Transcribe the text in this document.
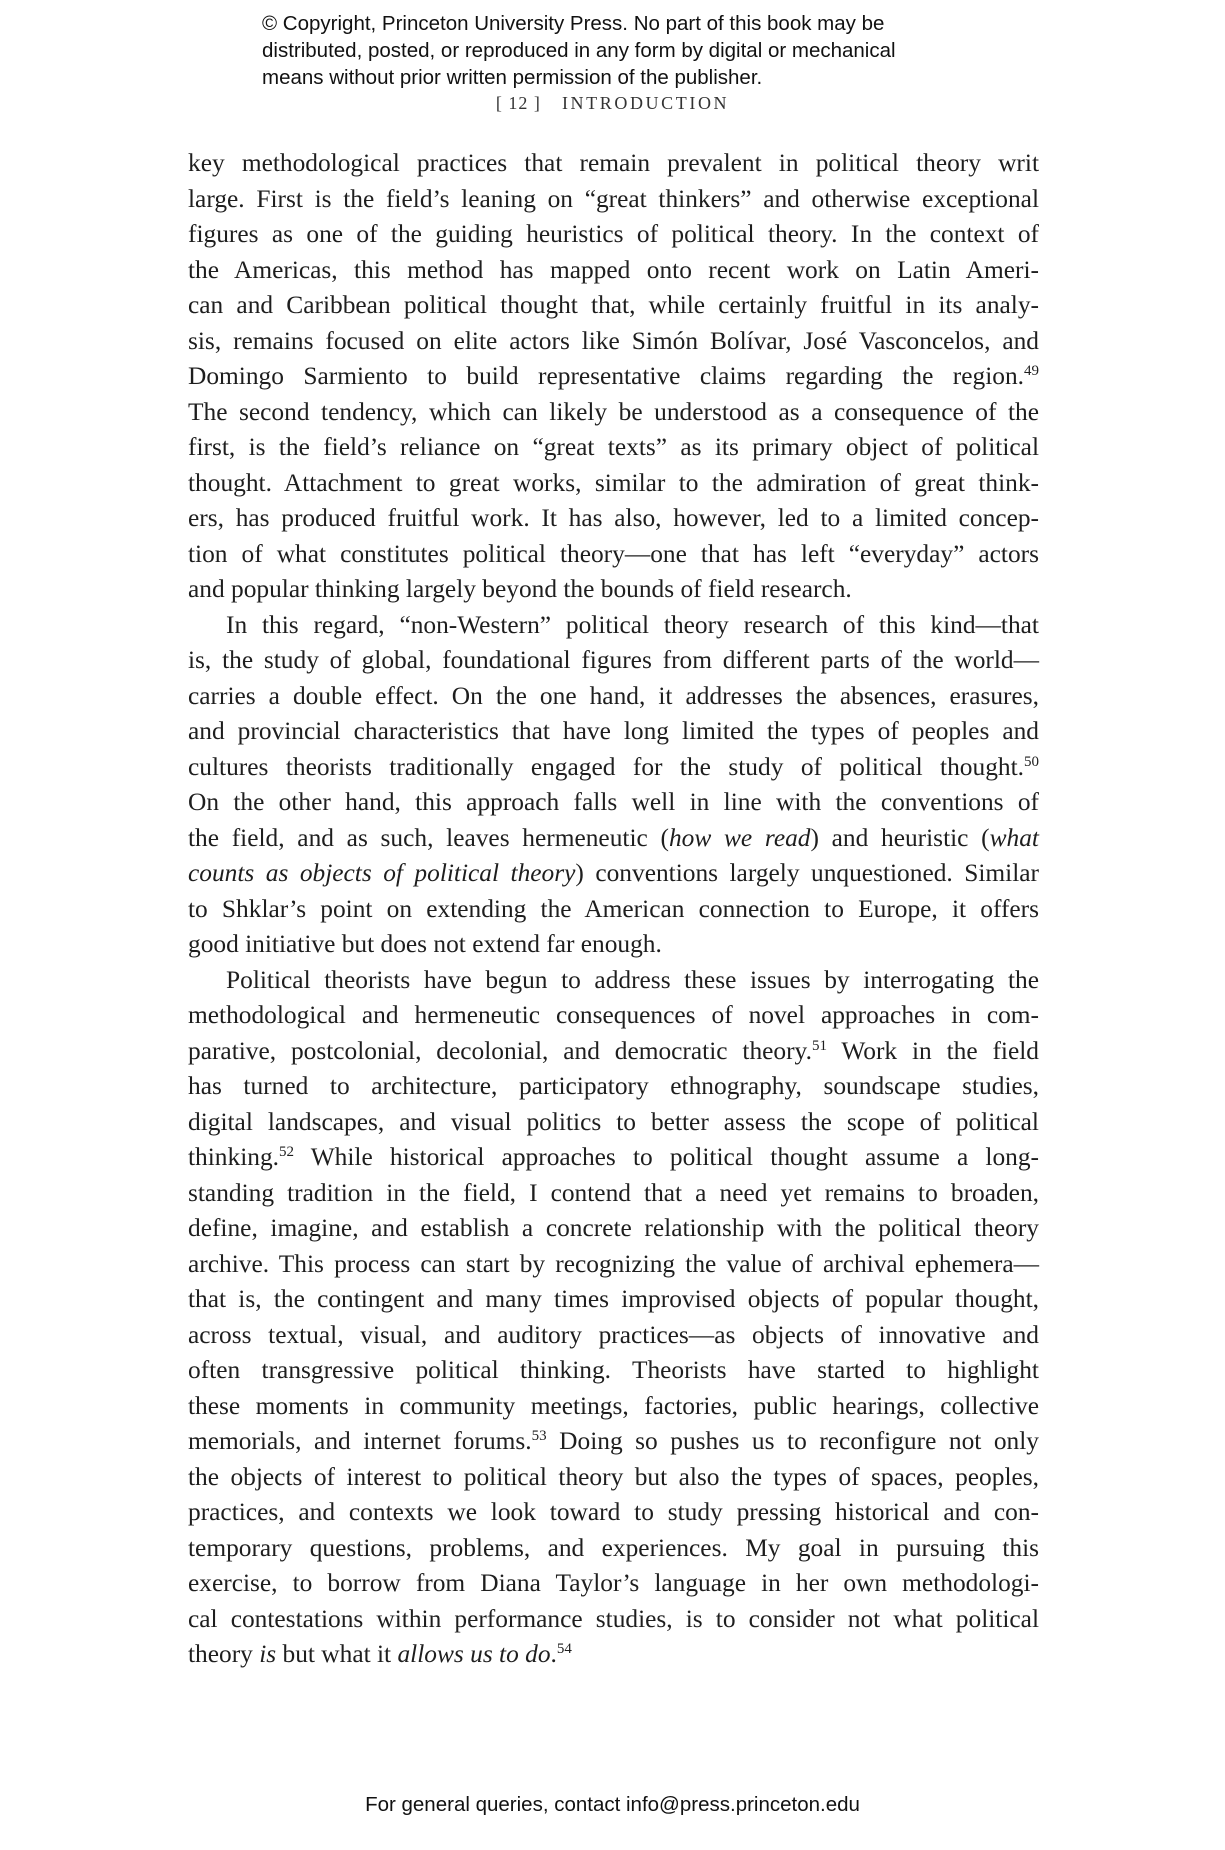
© Copyright, Princeton University Press. No part of this book may be
distributed, posted, or reproduced in any form by digital or mechanical
means without prior written permission of the publisher.
[ 12 ] INTRODUCTION
key methodological practices that remain prevalent in political theory writ
large. First is the field’s leaning on “great thinkers” and otherwise exceptional
figures as one of the guiding heuristics of political theory. In the context of
the Americas, this method has mapped onto recent work on Latin Ameri-
can and Caribbean political thought that, while certainly fruitful in its analy-
sis, remains focused on elite actors like Simón Bolívar, José Vasconcelos, and
Domingo Sarmiento to build representative claims regarding the region.$^{49}$
The second tendency, which can likely be understood as a consequence of the
first, is the field’s reliance on “great texts” as its primary object of political
thought. Attachment to great works, similar to the admiration of great think-
ers, has produced fruitful work. It has also, however, led to a limited concep-
tion of what constitutes political theory—one that has left “everyday” actors
and popular thinking largely beyond the bounds of field research.
In this regard, “non-Western” political theory research of this kind—that
is, the study of global, foundational figures from different parts of the world—
carries a double effect. On the one hand, it addresses the absences, erasures,
and provincial characteristics that have long limited the types of peoples and
cultures theorists traditionally engaged for the study of political thought.$^{50}$
On the other hand, this approach falls well in line with the conventions of
the field, and as such, leaves hermeneutic (how we read) and heuristic (what
counts as objects of political theory) conventions largely unquestioned. Similar
to Shklar’s point on extending the American connection to Europe, it offers
good initiative but does not extend far enough.
Political theorists have begun to address these issues by interrogating the
methodological and hermeneutic consequences of novel approaches in com-
parative, postcolonial, decolonial, and democratic theory.$^{51}$ Work in the field
has turned to architecture, participatory ethnography, soundscape studies,
digital landscapes, and visual politics to better assess the scope of political
thinking.$^{52}$ While historical approaches to political thought assume a long-
standing tradition in the field, I contend that a need yet remains to broaden,
define, imagine, and establish a concrete relationship with the political theory
archive. This process can start by recognizing the value of archival ephemera—
that is, the contingent and many times improvised objects of popular thought,
across textual, visual, and auditory practices—as objects of innovative and
often transgressive political thinking. Theorists have started to highlight
these moments in community meetings, factories, public hearings, collective
memorials, and internet forums.$^{53}$ Doing so pushes us to reconfigure not only
the objects of interest to political theory but also the types of spaces, peoples,
practices, and contexts we look toward to study pressing historical and con-
temporary questions, problems, and experiences. My goal in pursuing this
exercise, to borrow from Diana Taylor’s language in her own methodologi-
cal contestations within performance studies, is to consider not what political
theory is but what it allows us to do.$^{54}$
For general queries, contact info@press.princeton.edu
